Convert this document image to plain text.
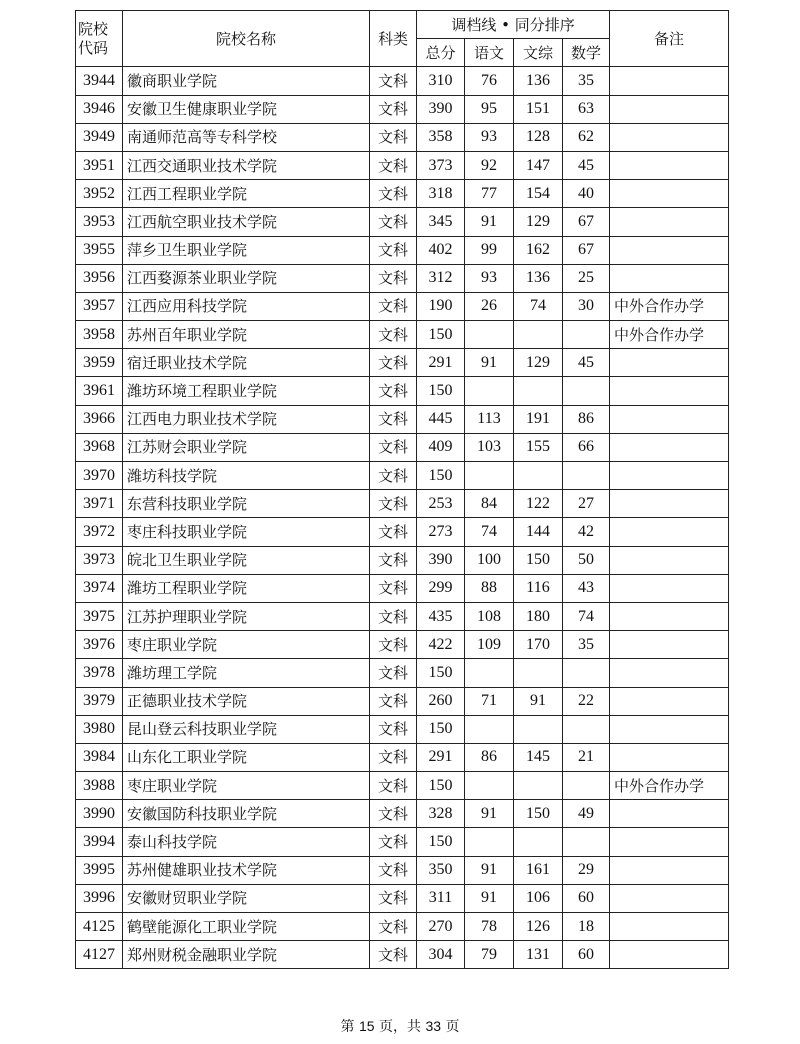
院校
代码	院校名称	科类	调档线 • 同分排序				备注
			总分	语文	文综	数学	
3944	徽商职业学院	文科	310	76	136	35	
3946	安徽卫生健康职业学院	文科	390	95	151	63	
3949	南通师范高等专科学校	文科	358	93	128	62	
3951	江西交通职业技术学院	文科	373	92	147	45	
3952	江西工程职业学院	文科	318	77	154	40	
3953	江西航空职业技术学院	文科	345	91	129	67	
3955	萍乡卫生职业学院	文科	402	99	162	67	
3956	江西婺源茶业职业学院	文科	312	93	136	25	
3957	江西应用科技学院	文科	190	26	74	30	中外合作办学
3958	苏州百年职业学院	文科	150				中外合作办学
3959	宿迁职业技术学院	文科	291	91	129	45	
3961	潍坊环境工程职业学院	文科	150				
3966	江西电力职业技术学院	文科	445	113	191	86	
3968	江苏财会职业学院	文科	409	103	155	66	
3970	潍坊科技学院	文科	150				
3971	东营科技职业学院	文科	253	84	122	27	
3972	枣庄科技职业学院	文科	273	74	144	42	
3973	皖北卫生职业学院	文科	390	100	150	50	
3974	潍坊工程职业学院	文科	299	88	116	43	
3975	江苏护理职业学院	文科	435	108	180	74	
3976	枣庄职业学院	文科	422	109	170	35	
3978	潍坊理工学院	文科	150				
3979	正德职业技术学院	文科	260	71	91	22	
3980	昆山登云科技职业学院	文科	150				
3984	山东化工职业学院	文科	291	86	145	21	
3988	枣庄职业学院	文科	150				中外合作办学
3990	安徽国防科技职业学院	文科	328	91	150	49	
3994	泰山科技学院	文科	150				
3995	苏州健雄职业技术学院	文科	350	91	161	29	
3996	安徽财贸职业学院	文科	311	91	106	60	
4125	鹤壁能源化工职业学院	文科	270	78	126	18	
4127	郑州财税金融职业学院	文科	304	79	131	60	
第 15 页，共 33 页
